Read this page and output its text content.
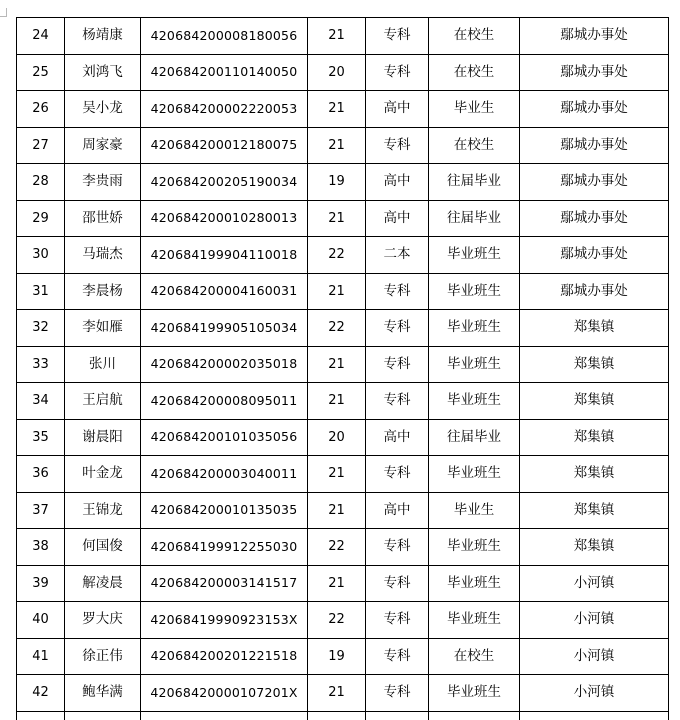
24	杨靖康	420684200008180056	21	专科	在校生	鄢城办事处
25	刘鸿飞	420684200110140050	20	专科	在校生	鄢城办事处
26	吴小龙	420684200002220053	21	高中	毕业生	鄢城办事处
27	周家豪	420684200012180075	21	专科	在校生	鄢城办事处
28	李贵雨	420684200205190034	19	高中	往届毕业	鄢城办事处
29	邵世娇	420684200010280013	21	高中	往届毕业	鄢城办事处
30	马瑞杰	420684199904110018	22	二本	毕业班生	鄢城办事处
31	李晨杨	420684200004160031	21	专科	毕业班生	鄢城办事处
32	李如雁	420684199905105034	22	专科	毕业班生	郑集镇
33	张川	420684200002035018	21	专科	毕业班生	郑集镇
34	王启航	420684200008095011	21	专科	毕业班生	郑集镇
35	谢晨阳	420684200101035056	20	高中	往届毕业	郑集镇
36	叶金龙	420684200003040011	21	专科	毕业班生	郑集镇
37	王锦龙	420684200010135035	21	高中	毕业生	郑集镇
38	何国俊	420684199912255030	22	专科	毕业班生	郑集镇
39	解凌晨	420684200003141517	21	专科	毕业班生	小河镇
40	罗大庆	42068419990923153X	22	专科	毕业班生	小河镇
41	徐正伟	420684200201221518	19	专科	在校生	小河镇
42	鲍华满	42068420000107201X	21	专科	毕业班生	小河镇
